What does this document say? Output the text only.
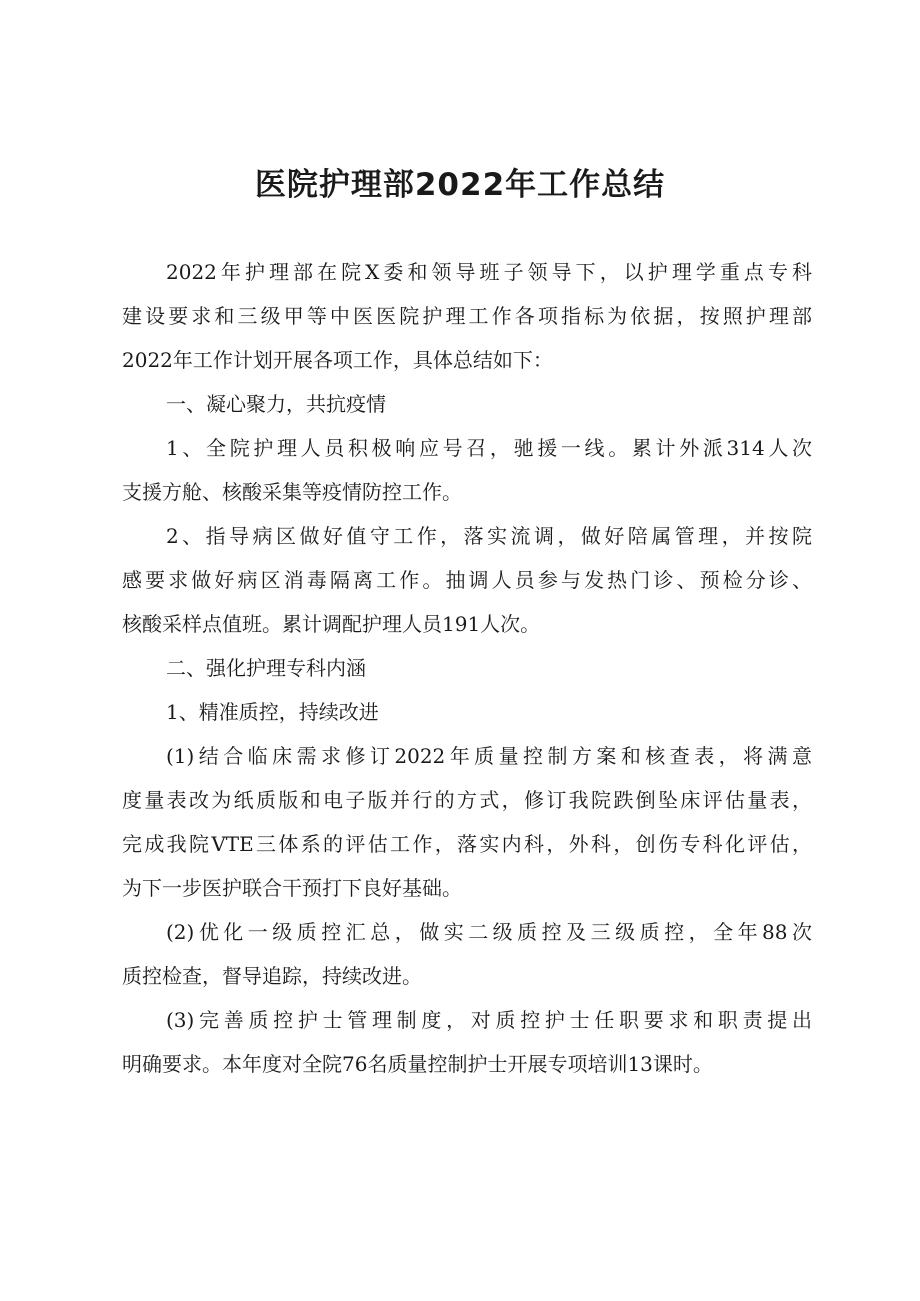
医院护理部2022年工作总结
2022年护理部在院X委和领导班子领导下，以护理学重点专科
建设要求和三级甲等中医医院护理工作各项指标为依据，按照护理部
2022年工作计划开展各项工作，具体总结如下：
一、凝心聚力，共抗疫情
1、全院护理人员积极响应号召，驰援一线。累计外派314人次
支援方舱、核酸采集等疫情防控工作。
2、指导病区做好值守工作，落实流调，做好陪属管理，并按院
感要求做好病区消毒隔离工作。抽调人员参与发热门诊、预检分诊、
核酸采样点值班。累计调配护理人员191人次。
二、强化护理专科内涵
1、精准质控，持续改进
(1)结合临床需求修订2022年质量控制方案和核查表，将满意
度量表改为纸质版和电子版并行的方式，修订我院跌倒坠床评估量表，
完成我院VTE三体系的评估工作，落实内科，外科，创伤专科化评估，
为下一步医护联合干预打下良好基础。
(2)优化一级质控汇总，做实二级质控及三级质控，全年88次
质控检查，督导追踪，持续改进。
(3)完善质控护士管理制度，对质控护士任职要求和职责提出
明确要求。本年度对全院76名质量控制护士开展专项培训13课时。
